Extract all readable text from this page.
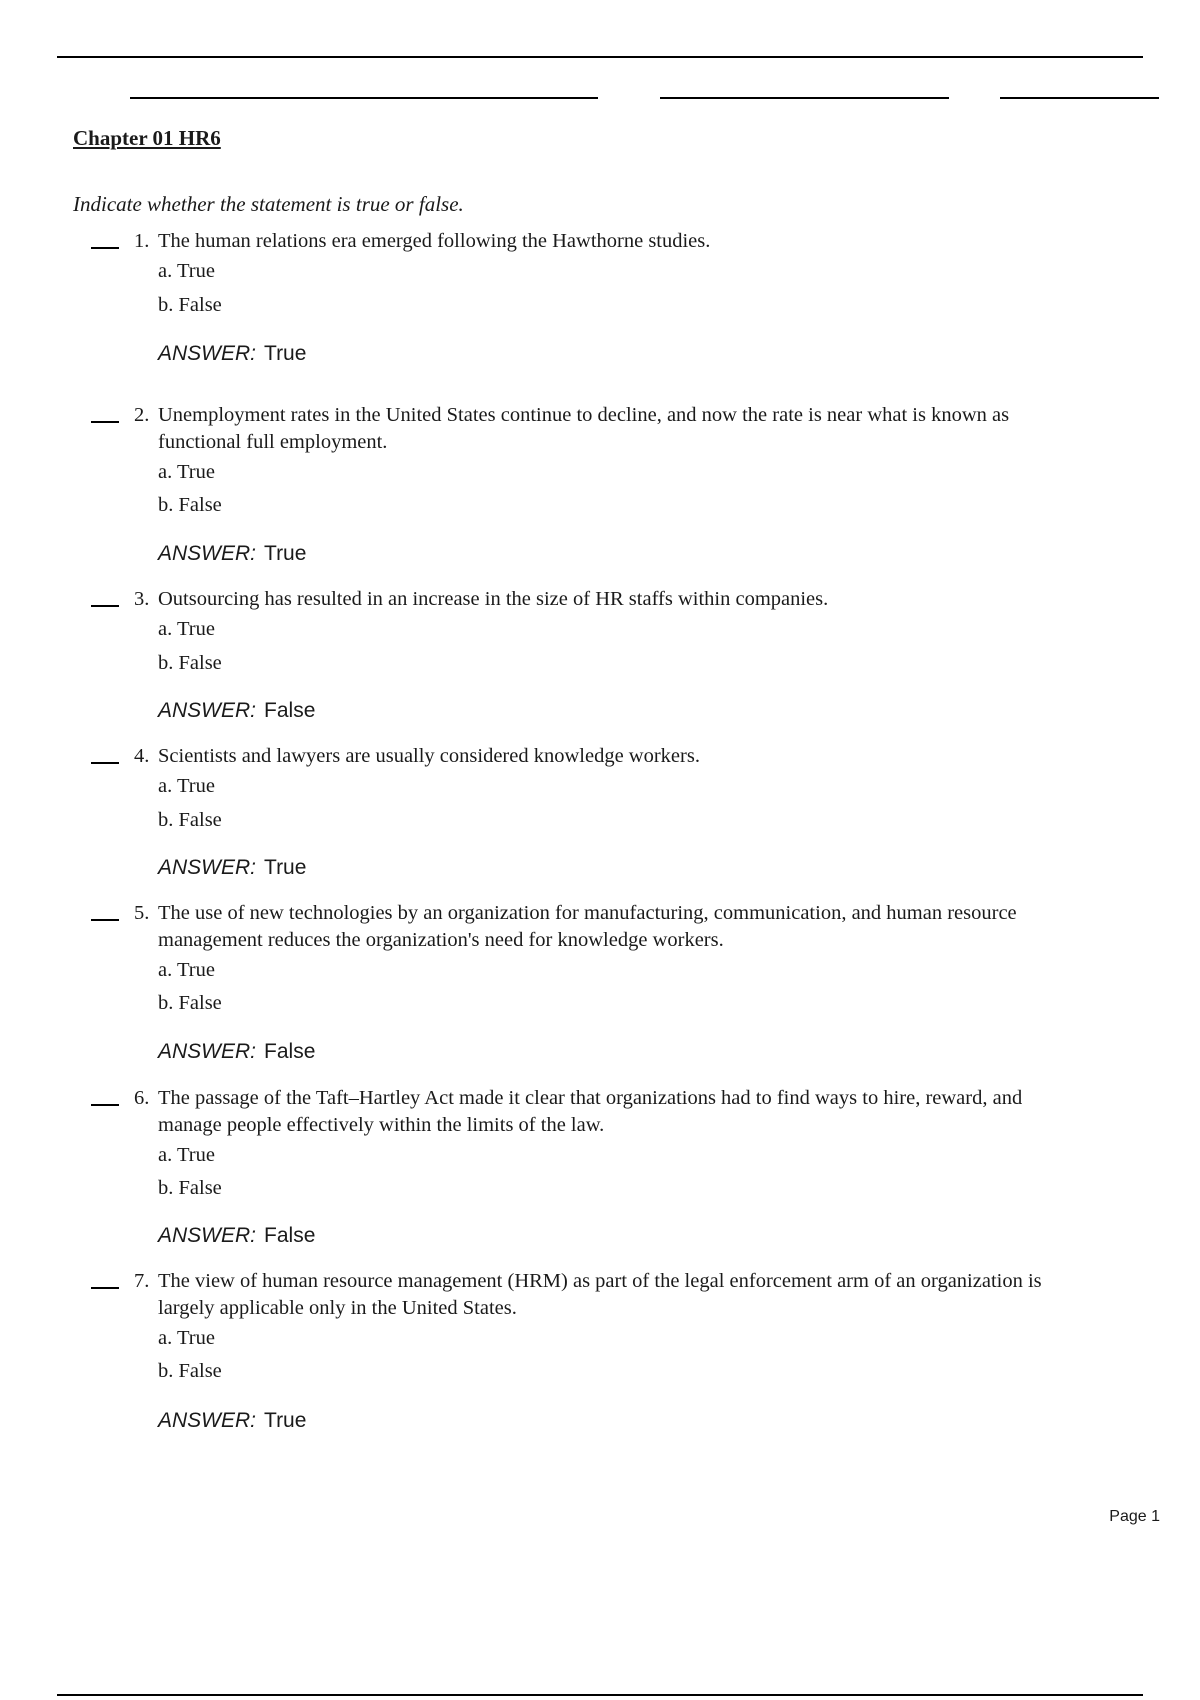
Chapter 01 HR6

Indicate whether the statement is true or false.

1. The human relations era emerged following the Hawthorne studies.

a. True

b. False

ANSWER: True

2. Unemployment rates in the United States continue to decline, and now the rate is near what is known as
functional full employment.

a. True

b. False

ANSWER: True

3. Outsourcing has resulted in an increase in the size of HR staffs within companies.

a. True

b. False

ANSWER: False

4. Scientists and lawyers are usually considered knowledge workers.

a. True

b. False

ANSWER: True

5. The use of new technologies by an organization for manufacturing, communication, and human resource
management reduces the organization's need for knowledge workers.

a. True

b. False

ANSWER: False

6. The passage of the Taft–Hartley Act made it clear that organizations had to find ways to hire, reward, and
manage people effectively within the limits of the law.

a. True

b. False

ANSWER: False

7. The view of human resource management (HRM) as part of the legal enforcement arm of an organization is
largely applicable only in the United States.

a. True

b. False

ANSWER: True

Page 1
